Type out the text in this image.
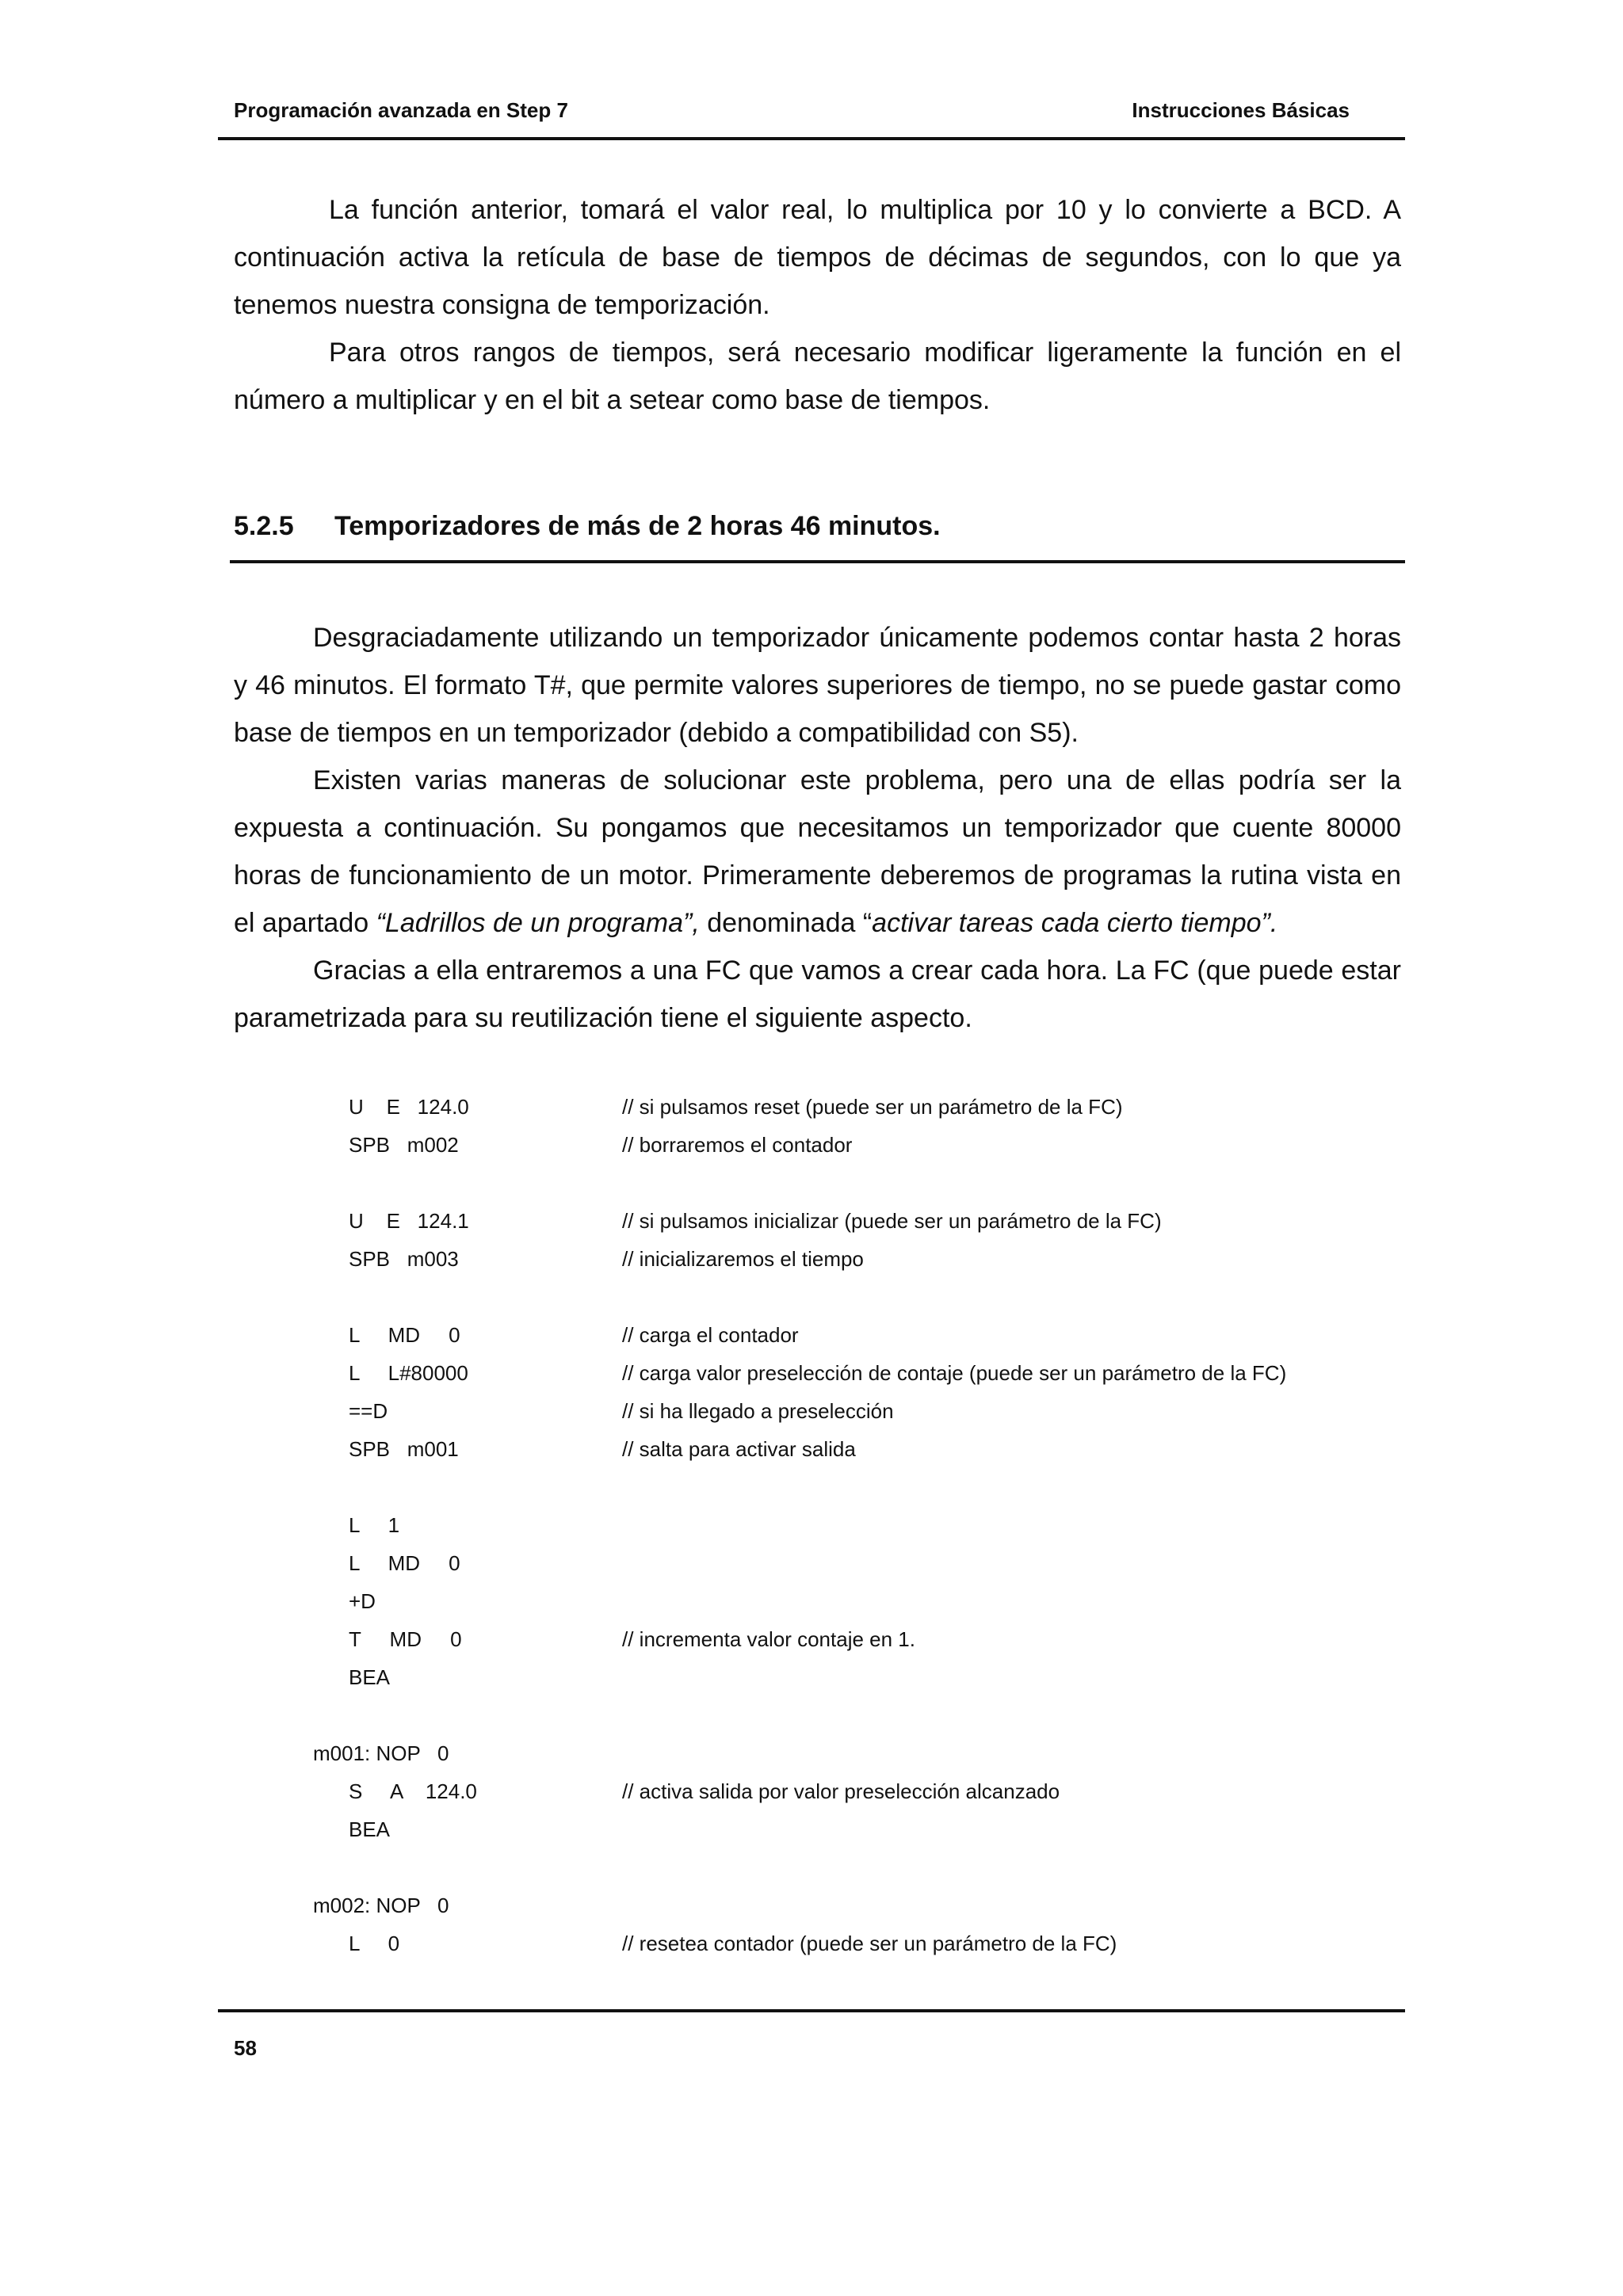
Programación avanzada en Step 7	Instrucciones Básicas
La función anterior, tomará el valor real, lo multiplica por 10 y lo convierte a BCD. A continuación activa la retícula de base de tiempos de décimas de segundos, con lo que ya tenemos nuestra consigna de temporización.
Para otros rangos de tiempos, será necesario modificar ligeramente la función en el número a multiplicar y en el bit a setear como base de tiempos.
5.2.5 Temporizadores de más de 2 horas 46 minutos.
Desgraciadamente utilizando un temporizador únicamente podemos contar hasta 2 horas y 46 minutos. El formato T#, que permite valores superiores de tiempo, no se puede gastar como base de tiempos en un temporizador (debido a compatibilidad con S5).
Existen varias maneras de solucionar este problema, pero una de ellas podría ser la expuesta a continuación. Su pongamos que necesitamos un temporizador que cuente 80000 horas de funcionamiento de un motor. Primeramente deberemos de programas la rutina vista en el apartado “Ladrillos de un programa”, denominada “activar tareas cada cierto tiempo”.
Gracias a ella entraremos a una FC que vamos a crear cada hora. La FC (que puede estar parametrizada para su reutilización tiene el siguiente aspecto.
U    E   124.0	// si pulsamos reset (puede ser un parámetro de la FC)
SPB   m002	// borraremos el contador
U    E   124.1	// si pulsamos inicializar (puede ser un parámetro de la FC)
SPB   m003	// inicializaremos el tiempo
L     MD     0	// carga el contador
L     L#80000	// carga valor preselección de contaje (puede ser un parámetro de la FC)
==D	// si ha llegado a preselección
SPB   m001	// salta para activar salida
L     1
L     MD     0
+D
T     MD     0	// incrementa valor contaje en 1.
BEA
m001: NOP   0
S     A    124.0	// activa salida por valor preselección alcanzado
BEA
m002: NOP   0
L     0	// resetea contador (puede ser un parámetro de la FC)
58
